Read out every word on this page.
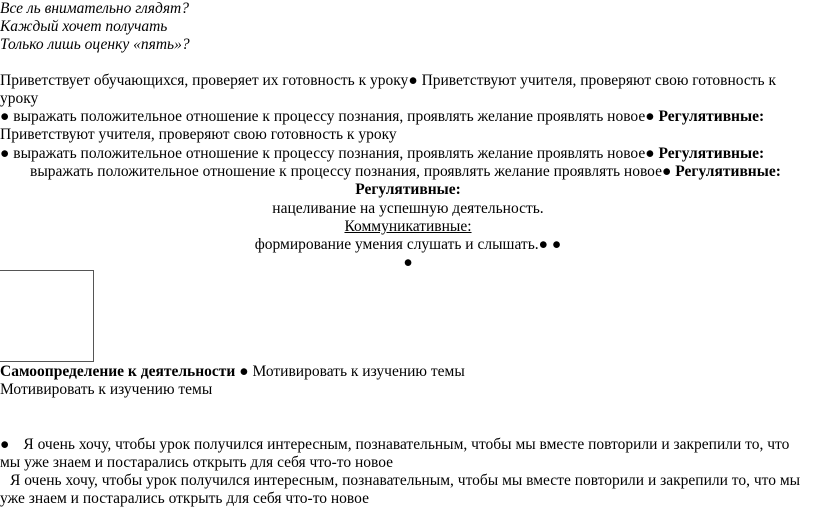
Все ль внимательно глядят?
Каждый хочет получать
Только лишь оценку «пять»?
Приветствует обучающихся, проверяет их готовность к уроку● Приветствуют учителя, проверяют свою готовность к
уроку
● выражать положительное отношение к процессу познания, проявлять желание проявлять новое● Регулятивные:
Приветствуют учителя, проверяют свою готовность к уроку
● выражать положительное отношение к процессу познания, проявлять желание проявлять новое● Регулятивные:
выражать положительное отношение к процессу познания, проявлять желание проявлять новое● Регулятивные:
Регулятивные:
нацеливание на успешную деятельность.
Коммуникативные:
формирование умения слушать и слышать.● ●
●
Самоопределение к деятельности ● Мотивировать к изучению темы
Мотивировать к изучению темы
● Я очень хочу, чтобы урок получился интересным, познавательным, чтобы мы вместе повторили и закрепили то, что
мы уже знаем и постарались открыть для себя что-то новое
Я очень хочу, чтобы урок получился интересным, познавательным, чтобы мы вместе повторили и закрепили то, что мы
уже знаем и постарались открыть для себя что-то новое
